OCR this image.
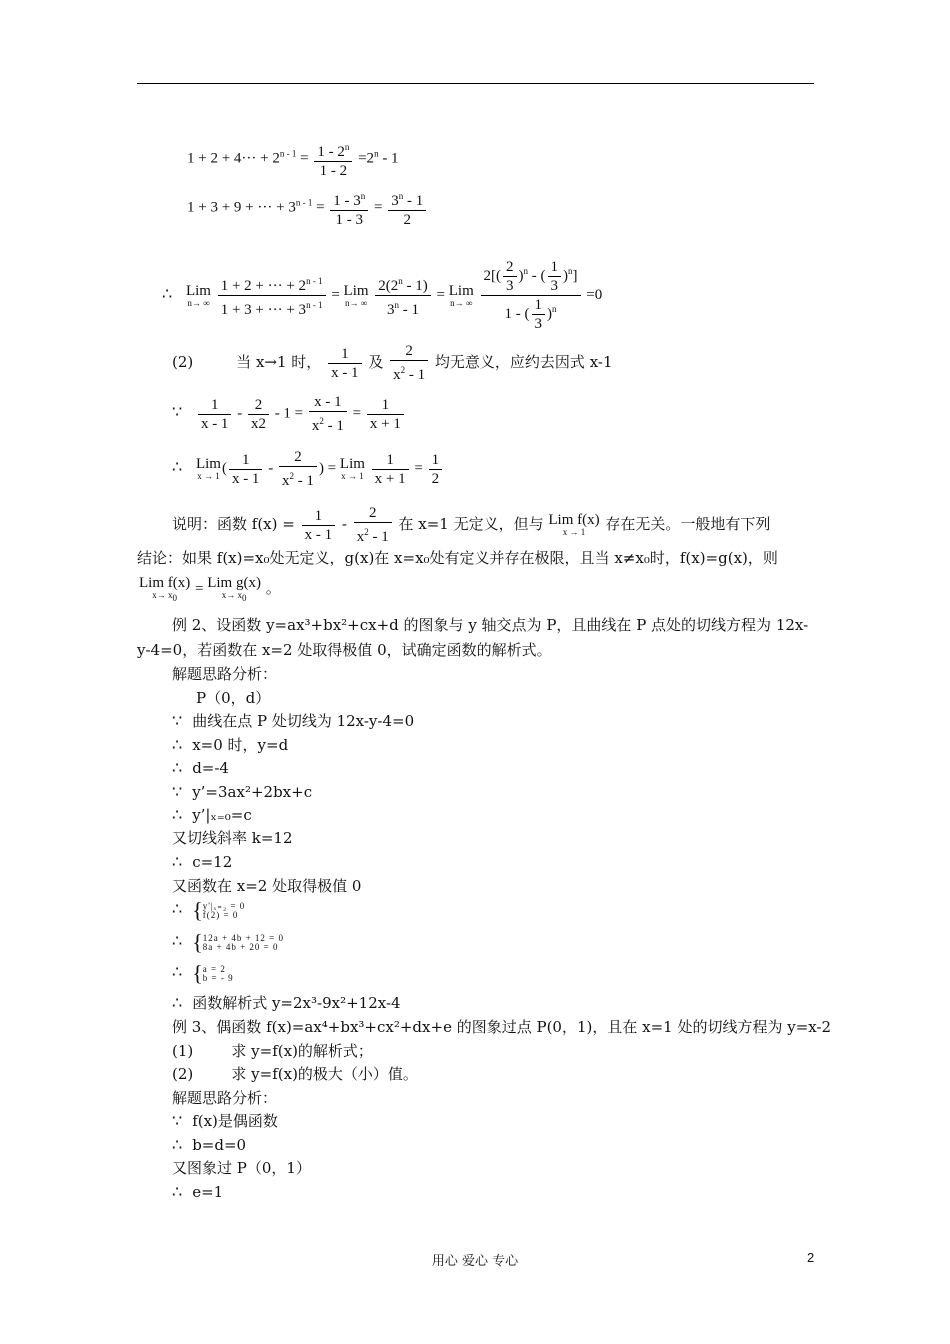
$1 + 2 + 4\cdot\cdot\cdot + 2^{n - 1} = \frac{1 - 2^n}{1 - 2} =2^n - 1$
1 + 3 + 9 + ··· + $3^{n - 1} = \frac{1 - 3^n}{1 - 3} = \frac{3^n - 1}{2}$
∴ Lim
n→ ∞
$\frac{1 + 2 + \cdot\cdot\cdot + 2^{n - 1}}{1 + 3 + \cdot\cdot\cdot + 3^{n - 1}}$ = Lim
n→ ∞
$\frac{2(2^n - 1)}{3^n - 1}$ = Lim
n→ ∞
$\frac{2[( \frac{2}{3} )^n - ( \frac{1}{3} )^n]}{1 - ( \frac{1}{3} )^n} =0$
(2)	当 x→1 时， $\frac{1}{x - 1}$ 及 $\frac{2}{x^2 - 1}$ 均无意义，应约去因式 x-1
∵ $\frac{1}{x - 1} - \frac{2}{x2} - 1 = \frac{x - 1}{x^2 - 1} = \frac{1}{x + 1}$
∴ Lim
x → 1 ( $\frac{1}{x - 1} - \frac{2}{x^2 - 1}$ ) = Lim
x → 1
$\frac{1}{x + 1} = \frac{1}{2}$
说明：函数 $f(x) = \frac{1}{x - 1} - \frac{2}{x^2 - 1}$ 在 x=1 无定义，但与 Lim f(x)
x → 1	存在无关。一般地有下列
结论：如果 f(x)=x₀处无定义，g(x)在 x=x₀处有定义并存在极限，且当 x≠x₀时，f(x)=g(x)，则
Lim f(x)
$x\to x_0$
= Lim g(x)
$x\to x_0$
。
例 2、设函数 y=ax³+bx²+cx+d 的图象与 y 轴交点为 P，且曲线在 P 点处的切线方程为 12x-
y-4=0，若函数在 x=2 处取得极值 0，试确定函数的解析式。
解题思路分析：
P（0，d）
∵ 曲线在点 P 处切线为 12x-y-4=0
∴ x=0 时，y=d
∴ d=-4
∵ y’=3ax²+2bx+c
∴ y’|ₓ₌₀=c
又切线斜率 k=12
∴ c=12
又函数在 x=2 处取得极值 0
∴ {y'|ₓ₌₂ = 0
f(2) = 0
∴ {12a + 4b + 12 = 0
8a + 4b + 20 = 0
∴ {a = 2
b = - 9
∴ 函数解析式 y=2x³-9x²+12x-4
例 3、偶函数 f(x)=ax⁴+bx³+cx²+dx+e 的图象过点 P(0，1)，且在 x=1 处的切线方程为 y=x-2
(1)	求 y=f(x)的解析式；
(2)	求 y=f(x)的极大（小）值。
解题思路分析：
∵ f(x)是偶函数
∴ b=d=0
又图象过 P（0，1）
∴ e=1
用心 爱心 专心	2
